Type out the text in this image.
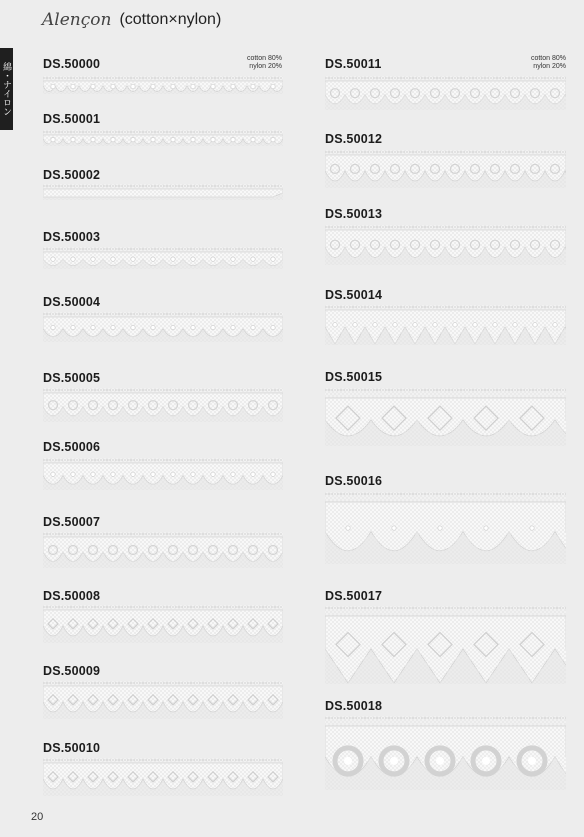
Alençon (cotton×nylon)
綿・ナイロン
cotton 80%
nylon 20%
cotton 80%
nylon 20%
DS.50000
DS.50001
DS.50002
DS.50003
DS.50004
DS.50005
DS.50006
DS.50007
DS.50008
DS.50009
DS.50010
DS.50011
DS.50012
DS.50013
DS.50014
DS.50015
DS.50016
DS.50017
DS.50018
20
